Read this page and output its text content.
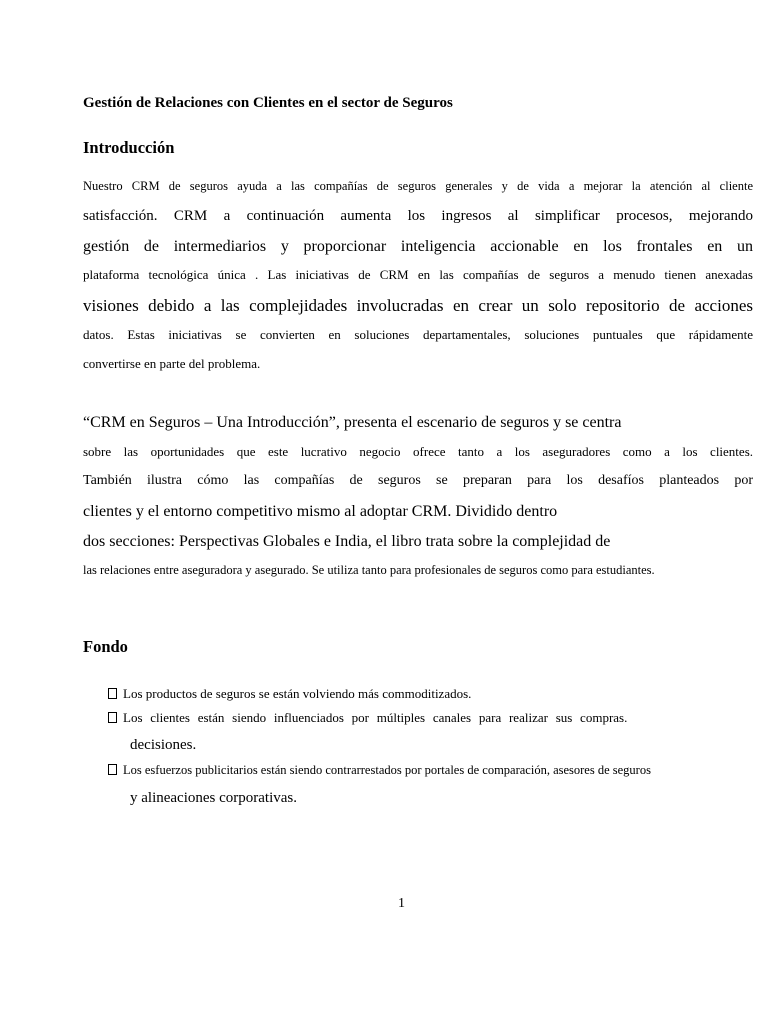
Gestión de Relaciones con Clientes en el sector de Seguros
Introducción
Nuestro CRM de seguros ayuda a las compañías de seguros generales y de vida a mejorar la atención al cliente
satisfacción. CRM a continuación aumenta los ingresos al simplificar procesos, mejorando
gestión de intermediarios y proporcionar inteligencia accionable en los frontales en un
plataforma tecnológica única . Las iniciativas de CRM en las compañías de seguros a menudo tienen anexadas
visiones debido a las complejidades involucradas en crear un solo repositorio de acciones
datos. Estas iniciativas se convierten en soluciones departamentales, soluciones puntuales que rápidamente
convertirse en parte del problema.
“CRM en Seguros – Una Introducción”, presenta el escenario de seguros y se centra
sobre las oportunidades que este lucrativo negocio ofrece tanto a los aseguradores como a los clientes.
También ilustra cómo las compañías de seguros se preparan para los desafíos planteados por
clientes y el entorno competitivo mismo al adoptar CRM. Dividido dentro
dos secciones: Perspectivas Globales e India, el libro trata sobre la complejidad de
las relaciones entre aseguradora y asegurado. Se utiliza tanto para profesionales de seguros como para estudiantes.
Fondo
Los productos de seguros se están volviendo más commoditizados.
Los clientes están siendo influenciados por múltiples canales para realizar sus compras.
decisiones.
Los esfuerzos publicitarios están siendo contrarrestados por portales de comparación, asesores de seguros
y alineaciones corporativas.
1
